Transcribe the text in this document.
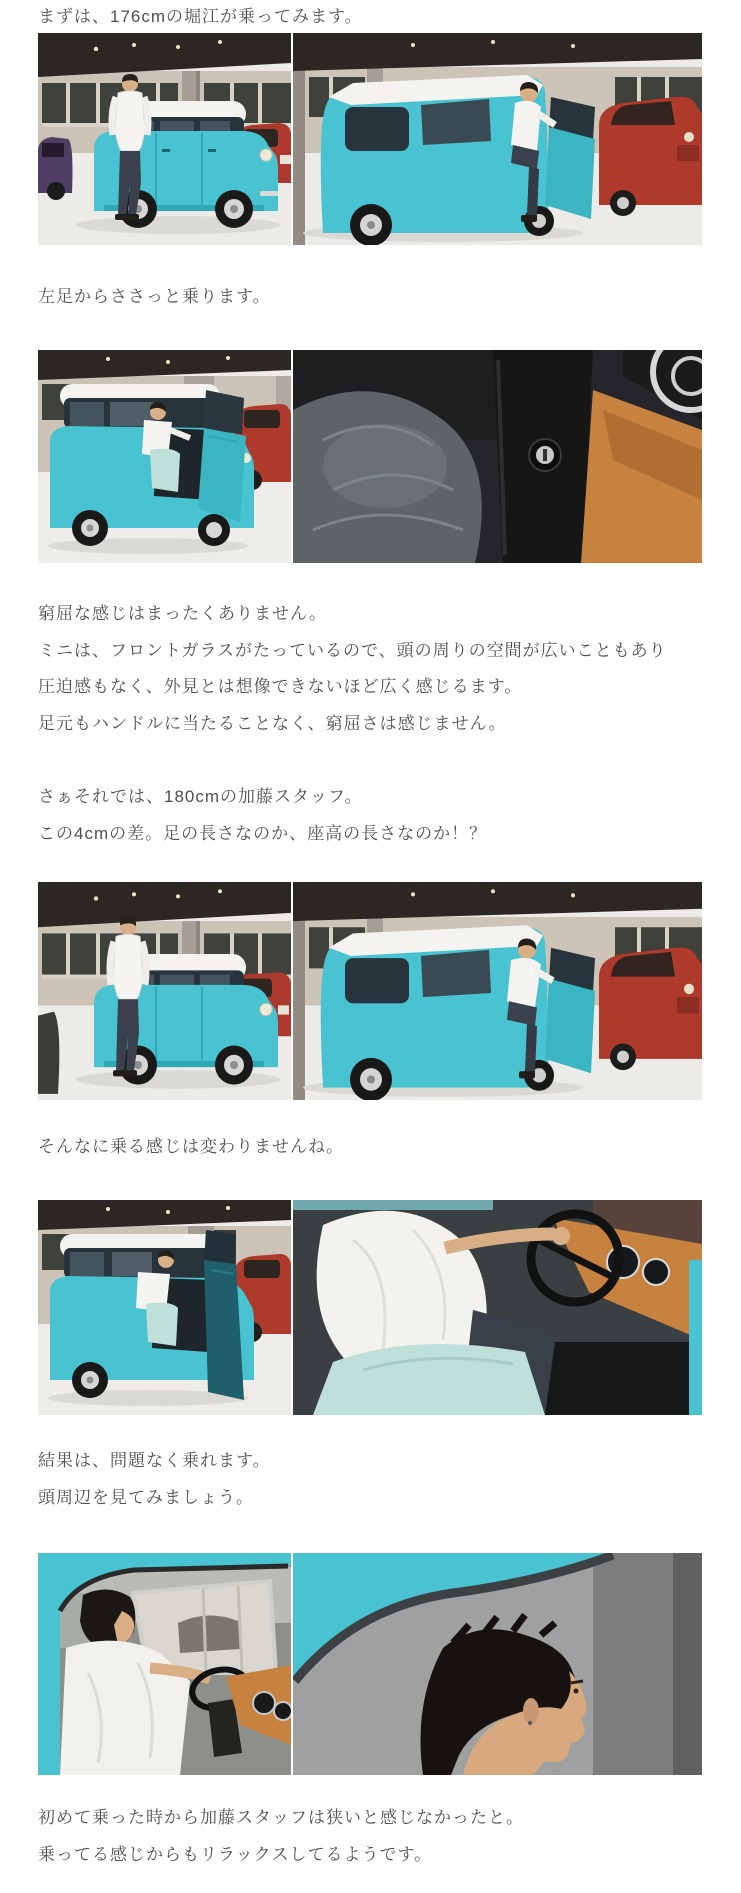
まずは、176cmの堀江が乗ってみます。

左足からささっと乗ります。

窮屈な感じはまったくありません。
ミニは、フロントガラスがたっているので、頭の周りの空間が広いこともあり
圧迫感もなく、外見とは想像できないほど広く感じるます。
足元もハンドルに当たることなく、窮屈さは感じません。
さぁそれでは、180cmの加藤スタッフ。
この4cmの差。足の長さなのか、座高の長さなのか！？

そんなに乗る感じは変わりませんね。

結果は、問題なく乗れます。
頭周辺を見てみましょう。
初めて乗った時から加藤スタッフは狭いと感じなかったと。
乗ってる感じからもリラックスしてるようです。
